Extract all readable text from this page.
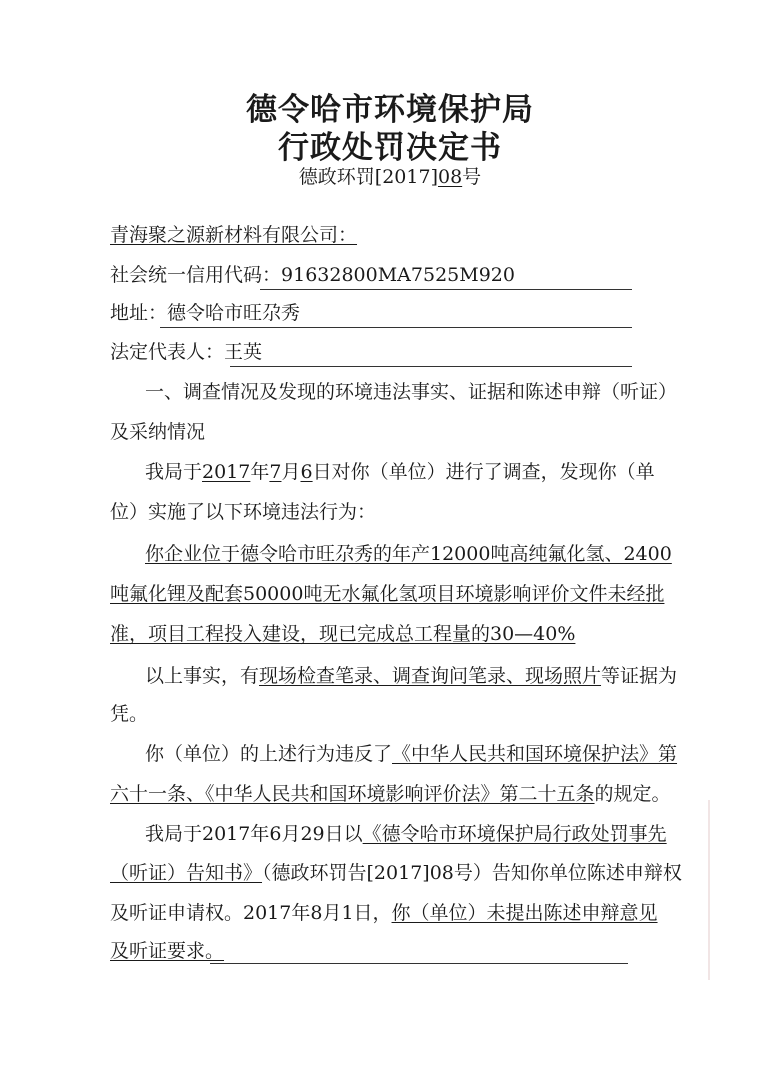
德令哈市环境保护局
行政处罚决定书
德政环罚[2017]08号
青海聚之源新材料有限公司：
社会统一信用代码：91632800MA7525M920
地址：德令哈市旺尕秀
法定代表人：王英
一、调查情况及发现的环境违法事实、证据和陈述申辩（听证）
及采纳情况
我局于2017年7月6日对你（单位）进行了调查，发现你（单
位）实施了以下环境违法行为：
你企业位于德令哈市旺尕秀的年产12000吨高纯氟化氢、2400
吨氟化锂及配套50000吨无水氟化氢项目环境影响评价文件未经批
准，项目工程投入建设，现已完成总工程量的30—40%
以上事实，有现场检查笔录、调查询问笔录、现场照片等证据为
凭。
你（单位）的上述行为违反了《中华人民共和国环境保护法》第
六十一条、《中华人民共和国环境影响评价法》第二十五条的规定。
我局于2017年6月29日以《德令哈市环境保护局行政处罚事先
（听证）告知书》（德政环罚告[2017]08号）告知你单位陈述申辩权
及听证申请权。2017年8月1日，你（单位）未提出陈述申辩意见
及听证要求。
